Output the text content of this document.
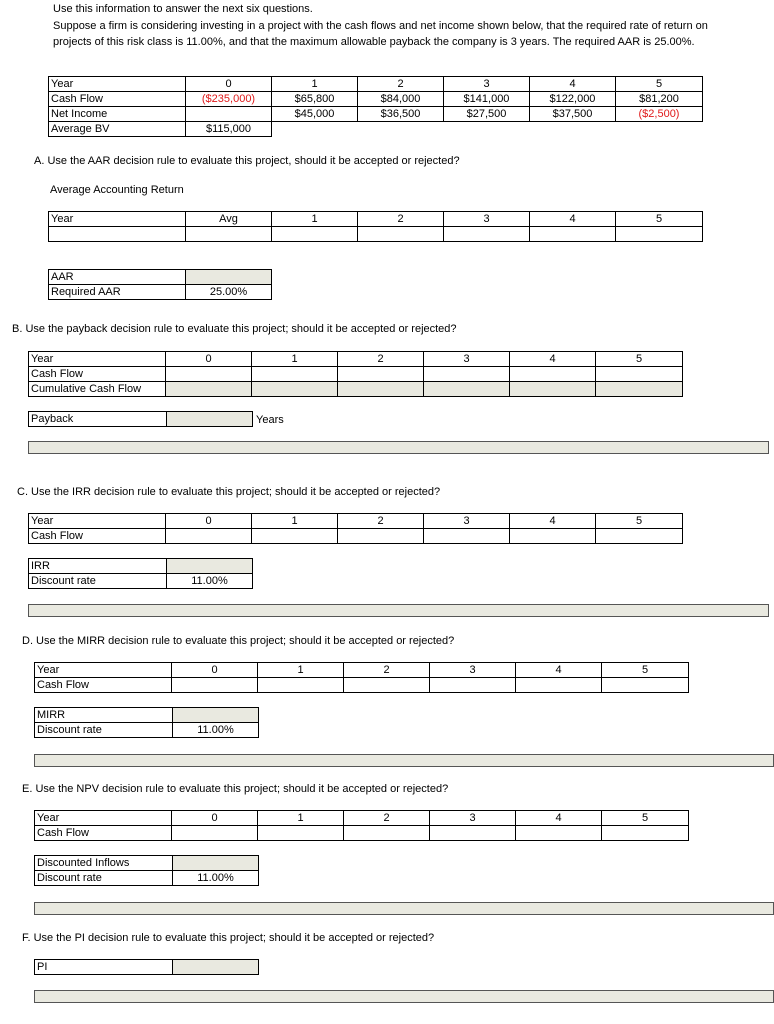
Use this information to answer the next six questions.
Suppose a firm is considering investing in a project with the cash flows and net income shown below, that the required rate of return on
projects of this risk class is 11.00%, and that the maximum allowable payback the company is 3 years. The required AAR is 25.00%.
Year	0	1	2	3	4	5
Cash Flow	($235,000)	$65,800	$84,000	$141,000	$122,000	$81,200
Net Income		$45,000	$36,500	$27,500	$37,500	($2,500)
Average BV	$115,000					
A. Use the AAR decision rule to evaluate this project, should it be accepted or rejected?
Average Accounting Return
Year	Avg	1	2	3	4	5

AAR	
Required AAR	25.00%
B. Use the payback decision rule to evaluate this project; should it be accepted or rejected?
Year	0	1	2	3	4	5
Cash Flow						
Cumulative Cash Flow						
Payback		Years
C. Use the IRR decision rule to evaluate this project; should it be accepted or rejected?
Year	0	1	2	3	4	5
Cash Flow						
IRR	
Discount rate	11.00%
D. Use the MIRR decision rule to evaluate this project; should it be accepted or rejected?
Year	0	1	2	3	4	5
Cash Flow						
MIRR	
Discount rate	11.00%
E. Use the NPV decision rule to evaluate this project; should it be accepted or rejected?
Year	0	1	2	3	4	5
Cash Flow						
Discounted Inflows	
Discount rate	11.00%
F. Use the PI decision rule to evaluate this project; should it be accepted or rejected?
PI	
